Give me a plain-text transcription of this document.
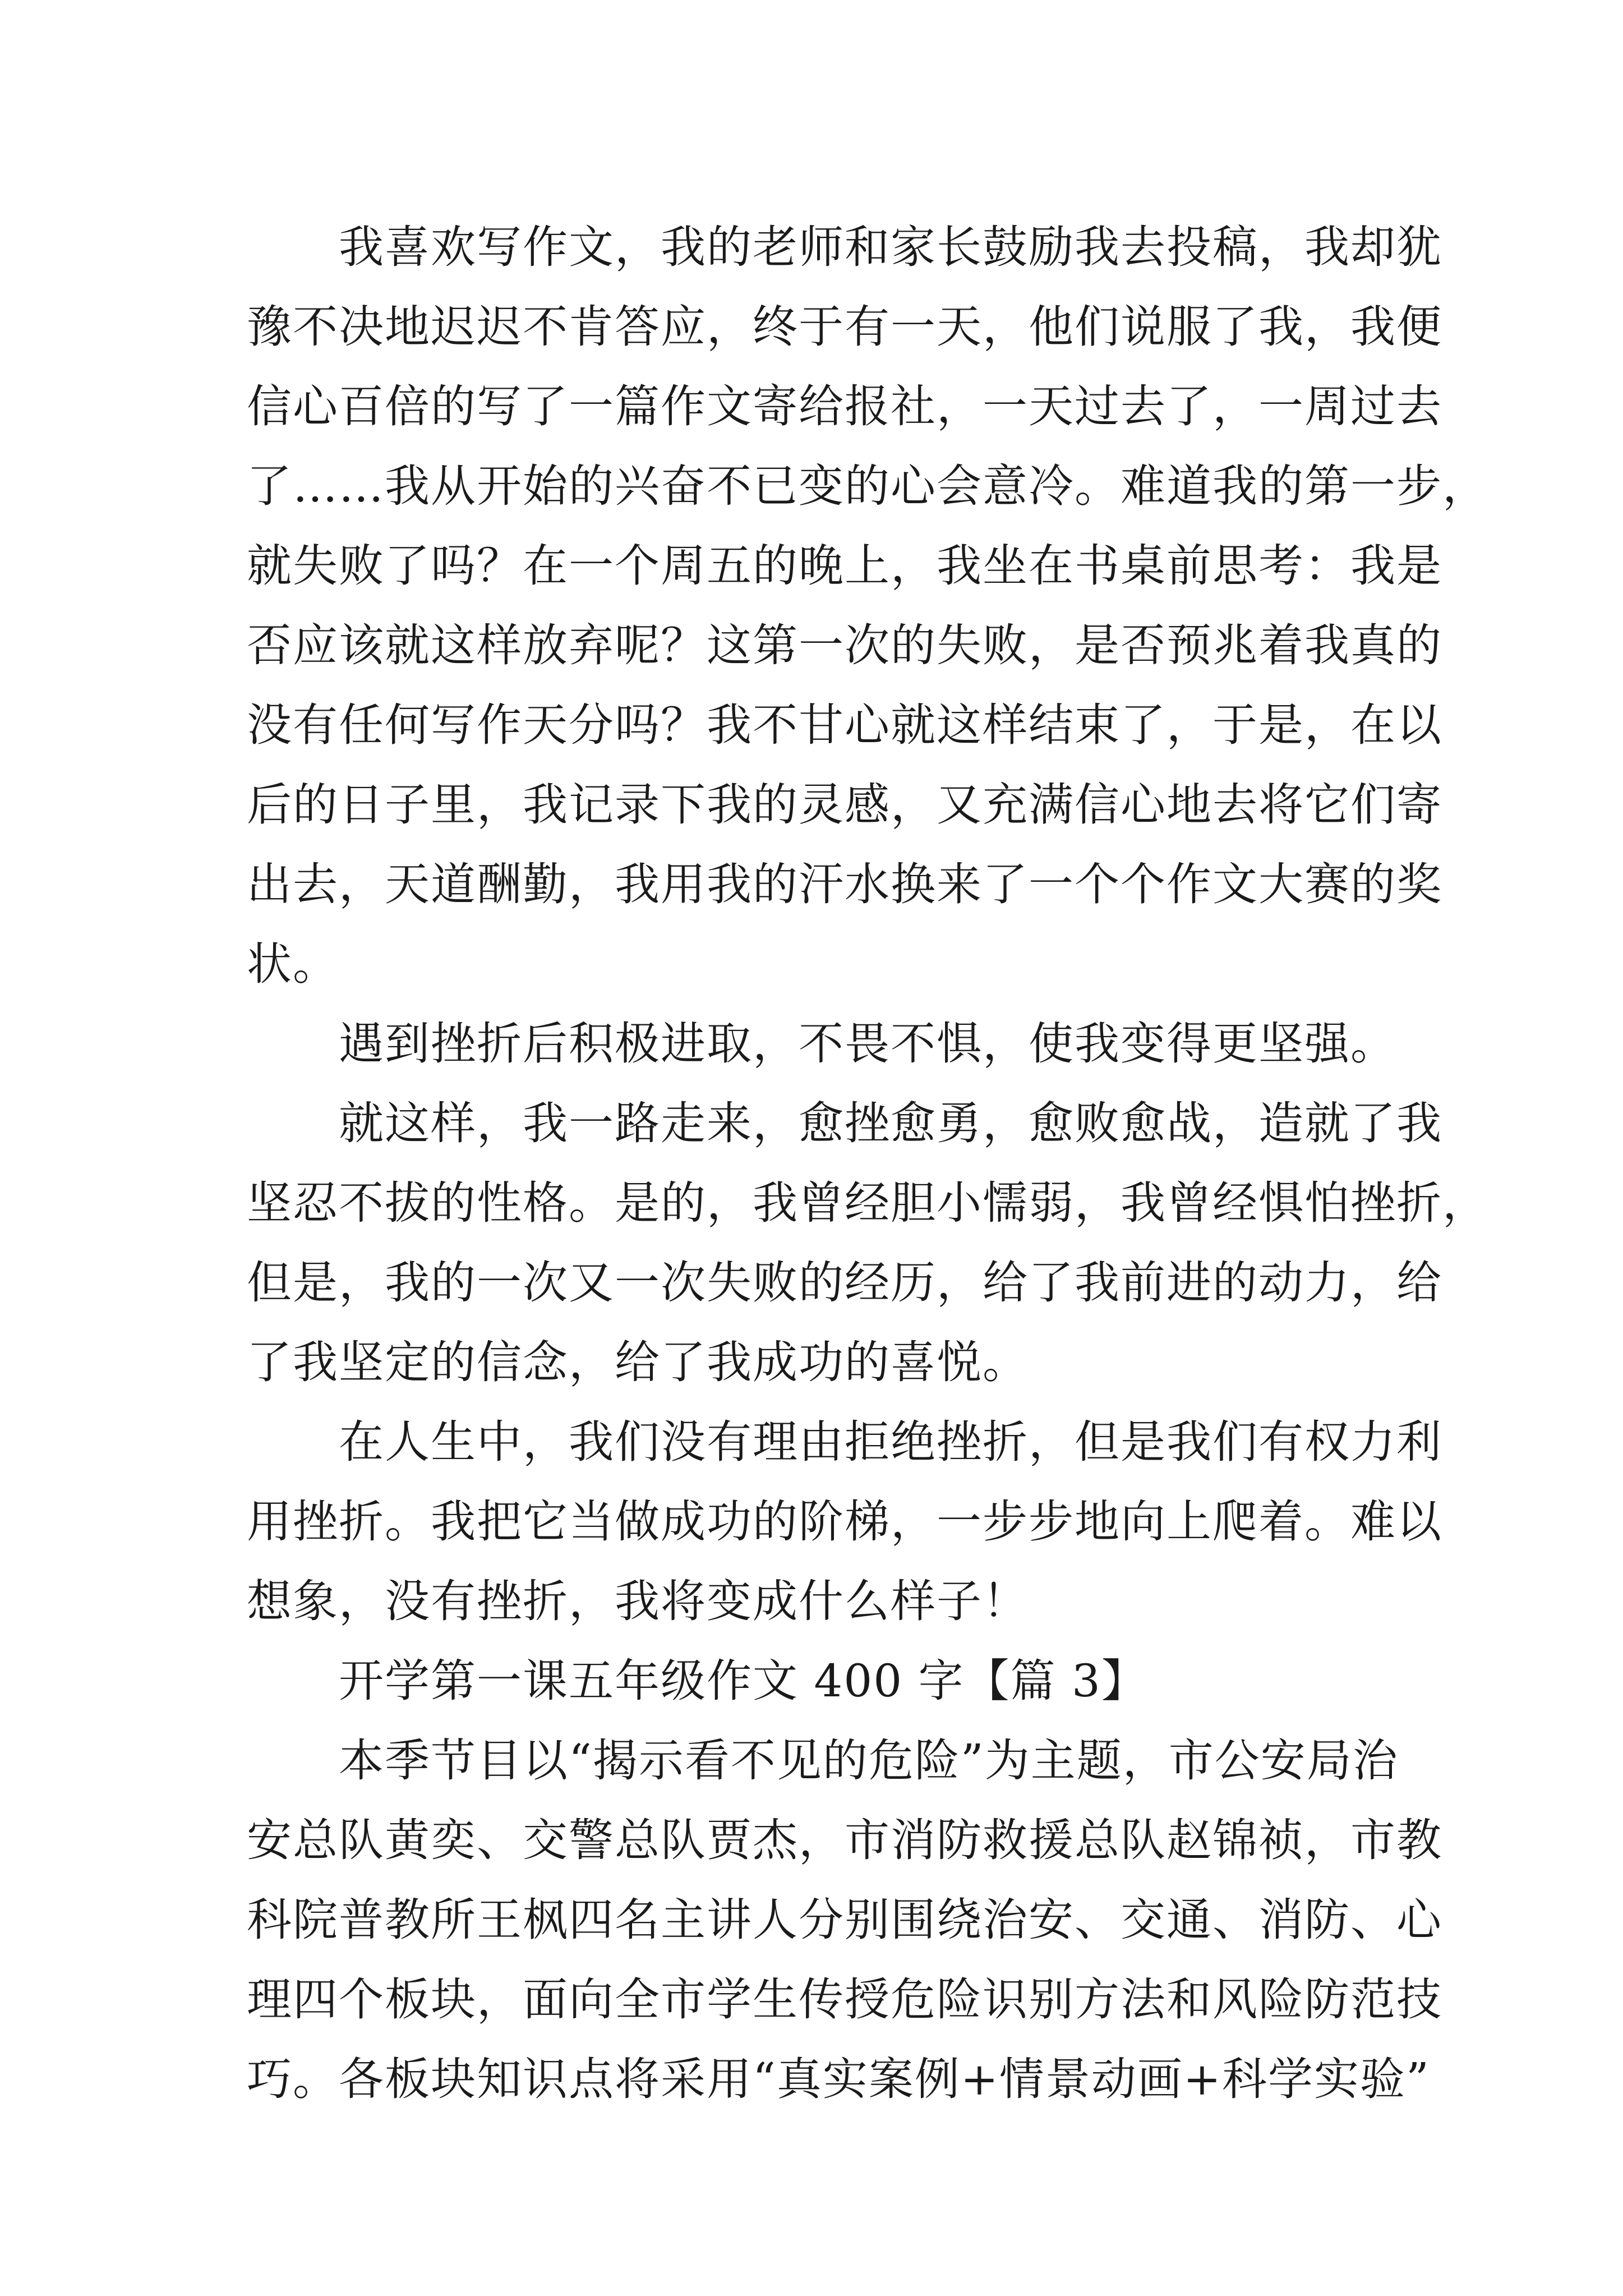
　　我喜欢写作文，我的老师和家长鼓励我去投稿，我却犹
豫不决地迟迟不肯答应，终于有一天，他们说服了我，我便
信心百倍的写了一篇作文寄给报社，一天过去了，一周过去
了……我从开始的兴奋不已变的心会意冷。难道我的第一步，
就失败了吗？在一个周五的晚上，我坐在书桌前思考：我是
否应该就这样放弃呢？这第一次的失败，是否预兆着我真的
没有任何写作天分吗？我不甘心就这样结束了，于是，在以
后的日子里，我记录下我的灵感，又充满信心地去将它们寄
出去，天道酬勤，我用我的汗水换来了一个个作文大赛的奖
状。
　　遇到挫折后积极进取，不畏不惧，使我变得更坚强。
　　就这样，我一路走来，愈挫愈勇，愈败愈战，造就了我
坚忍不拔的性格。是的，我曾经胆小懦弱，我曾经惧怕挫折，
但是，我的一次又一次失败的经历，给了我前进的动力，给
了我坚定的信念，给了我成功的喜悦。
　　在人生中，我们没有理由拒绝挫折，但是我们有权力利
用挫折。我把它当做成功的阶梯，一步步地向上爬着。难以
想象，没有挫折，我将变成什么样子！
　　开学第一课五年级作文 400 字【篇 3】
　　本季节目以“揭示看不见的危险”为主题，市公安局治
安总队黄奕、交警总队贾杰，市消防救援总队赵锦祯，市教
科院普教所王枫四名主讲人分别围绕治安、交通、消防、心
理四个板块，面向全市学生传授危险识别方法和风险防范技
巧。各板块知识点将采用“真实案例+情景动画+科学实验”
